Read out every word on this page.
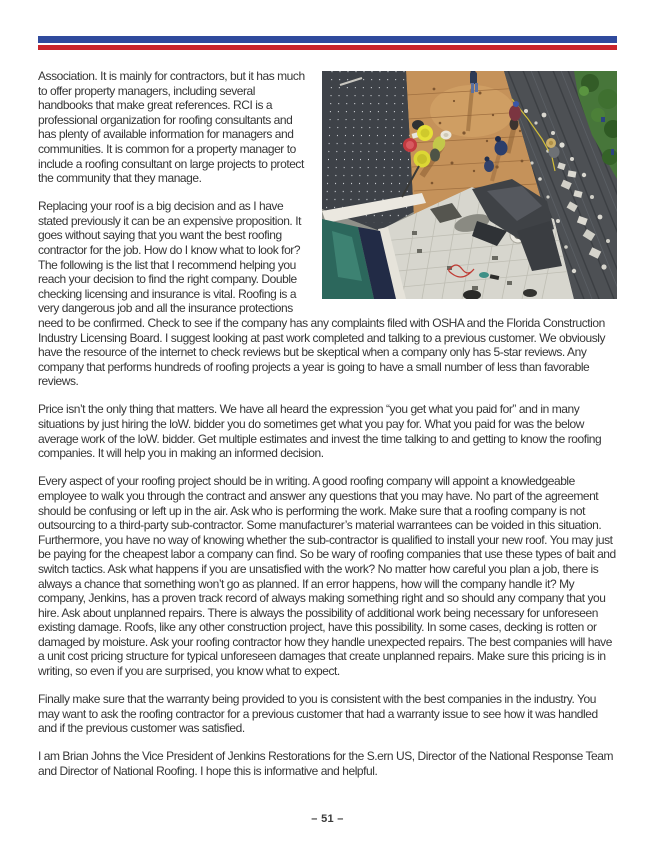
Association. It is mainly for contractors, but it has much to offer property managers, including several handbooks that make great references. RCI is a professional organization for roofing consultants and has plenty of available information for managers and communities. It is common for a property manager to include a roofing consultant on large projects to protect the community that they manage.

Replacing your roof is a big decision and as I have stated previously it can be an expensive proposition. It goes without saying that you want the best roofing contractor for the job. How do I know what to look for? The following is the list that I recommend helping you reach your decision to find the right company. Double checking licensing and insurance is vital. Roofing is a very dangerous job and all the insurance protections need to be confirmed. Check to see if the company has any complaints filed with OSHA and the Florida Construction Industry Licensing Board. I suggest looking at past work completed and talking to a previous customer. We obviously have the resource of the internet to check reviews but be skeptical when a company only has 5-star reviews. Any company that performs hundreds of roofing projects a year is going to have a small number of less than favorable reviews.

Price isn’t the only thing that matters. We have all heard the expression “you get what you paid for” and in many situations by just hiring the loW. bidder you do sometimes get what you pay for. What you paid for was the below average work of the loW. bidder. Get multiple estimates and invest the time talking to and getting to know the roofing companies. It will help you in making an informed decision.

Every aspect of your roofing project should be in writing. A good roofing company will appoint a knowledgeable employee to walk you through the contract and answer any questions that you may have. No part of the agreement should be confusing or left up in the air. Ask who is performing the work. Make sure that a roofing company is not outsourcing to a third-party sub-contractor. Some manufacturer’s material warrantees can be voided in this situation. Furthermore, you have no way of knowing whether the sub-contractor is qualified to install your new roof. You may just be paying for the cheapest labor a company can find. So be wary of roofing companies that use these types of bait and switch tactics. Ask what happens if you are unsatisfied with the work? No matter how careful you plan a job, there is always a chance that something won’t go as planned. If an error happens, how will the company handle it? My company, Jenkins, has a proven track record of always making something right and so should any company that you hire. Ask about unplanned repairs. There is always the possibility of additional work being necessary for unforeseen existing damage. Roofs, like any other construction project, have this possibility. In some cases, decking is rotten or damaged by moisture. Ask your roofing contractor how they handle unexpected repairs. The best companies will have a unit cost pricing structure for typical unforeseen damages that create unplanned repairs. Make sure this pricing is in writing, so even if you are surprised, you know what to expect.

Finally make sure that the warranty being provided to you is consistent with the best companies in the industry. You may want to ask the roofing contractor for a previous customer that had a warranty issue to see how it was handled and if the previous customer was satisfied.

I am Brian Johns the Vice President of Jenkins Restorations for the S.ern US, Director of the National Response Team and Director of National Roofing. I hope this is informative and helpful.

– 51 –
